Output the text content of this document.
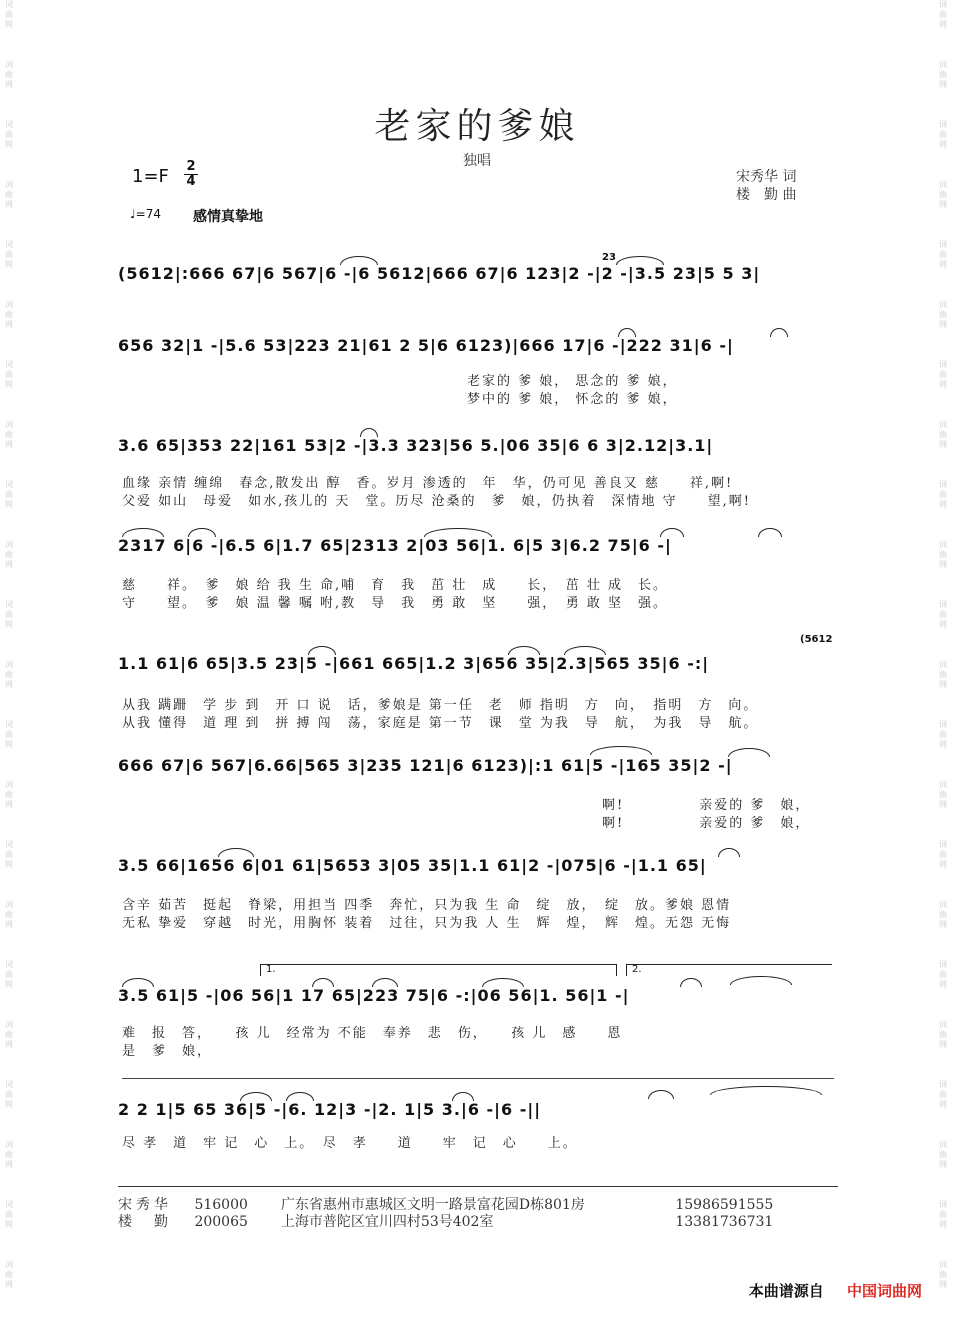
词曲网
词曲网
词曲网
词曲网
词曲网
词曲网
词曲网
词曲网
词曲网
词曲网
词曲网
词曲网
词曲网
词曲网
词曲网
词曲网
词曲网
词曲网
词曲网
词曲网
词曲网
词曲网
词曲网
词曲网
词曲网
词曲网
词曲网
词曲网
词曲网
词曲网
词曲网
词曲网
词曲网
词曲网
词曲网
词曲网
词曲网
词曲网
词曲网
词曲网
词曲网
词曲网
词曲网
词曲网
老家的爹娘
独唱
1=F 2
4
♩=74 感情真挚地
宋秀华 词
楼　勤 曲
(5612|:666 67|6 567|6 -|6 5612|666 67|6 123|2 -|2 -|3.5 23|5 5 3|
23
656 32|1 -|5.6 53|223 21|61 2 5|6 6123)|666 17|6 -|222 31|6 -|
　　　　　　　　　　　　　　　　　　　　　　　老家的 爹 娘， 思念的 爹 娘，
　　　　　　　　　　　　　　　　　　　　　　　梦中的 爹 娘， 怀念的 爹 娘，
3.6 65|353 22|161 53|2 -|3.3 323|56 5.|06 35|6 6 3|2.12|3.1|
血缘 亲情 缠绵　春念,散发出 醇　香。岁月 渗透的　年　华，仍可见 善良又 慈　　祥,啊!
父爱 如山　母爱　如水,孩儿的 天　堂。历尽 沧桑的　爹　娘，仍执着　深情地 守　　望,啊!
2317 6|6 -|6.5 6|1.7 65|2313 2|03 56|1. 6|5 3|6.2 75|6 -|
慈　　祥。　爹　娘 给 我 生 命,哺　育　我　茁 壮　成　　长，　茁 壮 成　长。
守　　望。　爹　娘 温 馨 嘱 咐,教　导　我　勇 敢　坚　　强，　勇 敢 坚　强。
1.1 61|6 65|3.5 23|5 -|661 665|1.2 3|656 35|2.3|565 35|6 -:|
(5612
从我 蹒跚　学 步 到　开 口 说　话，爹娘是 第一任　老　师 指明　方　向，　指明　方　向。
从我 懂得　道 理 到　拼 搏 闯　荡，家庭是 第一节　课　堂 为我　导　航，　为我　导　航。
666 67|6 567|6.66|565 3|235 121|6 6123)|:1 61|5 -|165 35|2 -|
　　　　　　　　　　　　　　　　　　　　　　　　　　　　　　　　啊!　　　　　亲爱的 爹　娘，
　　　　　　　　　　　　　　　　　　　　　　　　　　　　　　　　啊!　　　　　亲爱的 爹　娘，
3.5 66|1656 6|01 61|5653 3|05 35|1.1 61|2 -|075|6 -|1.1 65|
含辛 茹苦　挺起　脊梁，用担当 四季　奔忙，只为我 生 命　绽　放，　绽　放。爹娘 恩情
无私 挚爱　穿越　时光，用胸怀 装着　过往，只为我 人 生　辉　煌，　辉　煌。无怨 无悔
1.	2.
3.5 61|5 -|06 56|1 17 65|223 75|6 -:|06 56|1. 56|1 -|
难　报　答，　　孩 儿　经常为 不能　奉养　悲　伤，　　孩 儿　感　　恩
是　爹　娘，
2 2 1|5 65 36|5 -|6. 12|3 -|2. 1|5 3.|6 -|6 -||
尽 孝　道　牢 记　心　上。　尽　孝　　道　　牢　记　心　　上。
宋秀华 516000 广东省惠州市惠城区文明一路景富花园D栋801房	15986591555
楼　勤 200065 上海市普陀区宜川四村53号402室	13381736731
本曲谱源自 中国词曲网
